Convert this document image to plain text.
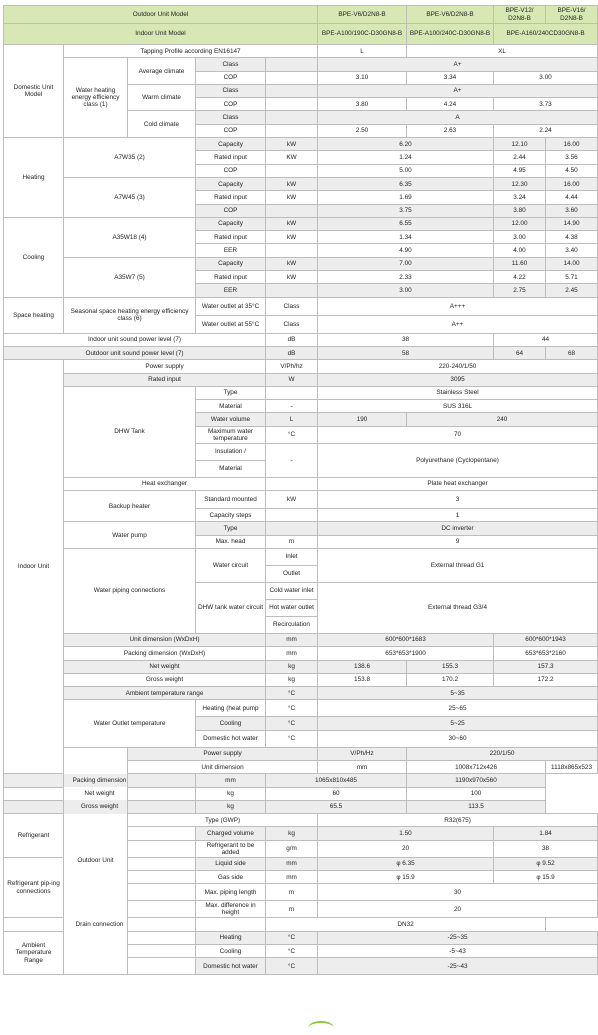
Outdoor Unit Model					BPE-V6/D2N8-B	BPE-V6/D2N8-B	BPE-V12/ D2N8-B	BPE-V16/ D2N8-B
Indoor Unit Model					BPE-A100/190C-D30GN8-B	BPE-A100/240C-D30GN8-B	BPE-A160/240CD30GN8-B	
Domestic Unit Model	Tapping Profile according EN16147				L	XL		
	Water heating energy efficiency class (1)	Average climate	Class		A+			
			COP		3.10	3.34	3.00	
		Warm climate	Class		A+			
			COP		3.80	4.24	3.73	
		Cold climate	Class		A			
			COP		2.50	2.63	2.24	
Heating	A7W35 (2)		Capacity	kW	6.20		12.10	16.00
			Rated input	KW	1.24		2.44	3.56
			COP		5.00		4.95	4.50
	A7W45 (3)		Capacity	kW	6.35		12.30	16.00
			Rated input	kW	1.69		3.24	4.44
			COP		3.75		3.80	3.60
Cooling	A35W18 (4)		Capacity	kW	6.55		12.00	14.90
			Rated input	kW	1.34		3.00	4.38
			EER		4.90		4.00	3.40
	A35W7 (5)		Capacity	kW	7.00		11.60	14.00
			Rated input	kW	2.33		4.22	5.71
			EER		3.00		2.75	2.45
Space heating	Seasonal space heating energy efficiency class (6)		Water outlet at 35°C	Class	A+++			
			Water outlet at 55°C	Class	A++			
Indoor unit sound power level (7)				dB	38		44	
Outdoor unit sound power level (7)				dB	58		64	68
Indoor Unit	Power supply			V/Ph/hz	220-240/1/50			
	Rated input			W	3095			
	DHW Tank		Type		Stainless Steel			
			Material	-	SUS 316L			
			Water volume	L	190	240		
			Maximum water temperature	°C	70			

			Insulation /	-	Polyurethane (Cyclopentane)			
			Material					
	Heat exchanger				Plate heat exchanger			
	Backup heater		Standard mounted	kW	3			
			Capacity steps		1			
	Water pump		Type		DC inverter			
			Max. head	m	9			
	Water piping connections		Water circuit	Inlet	External thread G1			
				Outlet				
			DHW tank water circuit	Cold water inlet	External thread G3/4			
				Hot water outlet				
				Recirculation				
	Unit dimension (WxDxH)			mm	600*600*1683		600*600*1943	
	Packing dimension (WxDxH)			mm	653*653*1900		653*653*2160	
	Net weight			kg	138.6	155.3	157.3	
	Gross weight			kg	153.8	170.2	172.2	
	Ambient temperature range			°C	5~35			
	Water Outlet temperature		Heating (heat pump	°C	25~65			

			Cooling	°C	5~25			
			Domestic hot water	°C	30~60			

	Outdoor Unit	Power supply			V/Ph/Hz	220/1/50		
		Unit dimension			mm	1008x712x426		1118x865x523
Packing dimension			mm	1065x810x485		1190x970x560		
Net weight			kg	60		100		
Gross weight			kg	65.5		113.5		
Refrigerant		Type (GWP)			R32(675)			
			Charged volume	kg	1.50		1.84	
			Refrigerant to be added	g/m	20		38	

Refrigerant pip-ing connections			Liquid side	mm	φ 6.35		φ 9.52	
			Gas side	mm	φ 15.9		φ 15.9	
			Max. piping length	m	30			

			Max. difference in height	m	20			

Drain connection				DN32				
Ambient Temperature Range			Heating	°C	-25~35			
			Cooling	°C	-5~43			
			Domestic hot water	°C	-25~43			
